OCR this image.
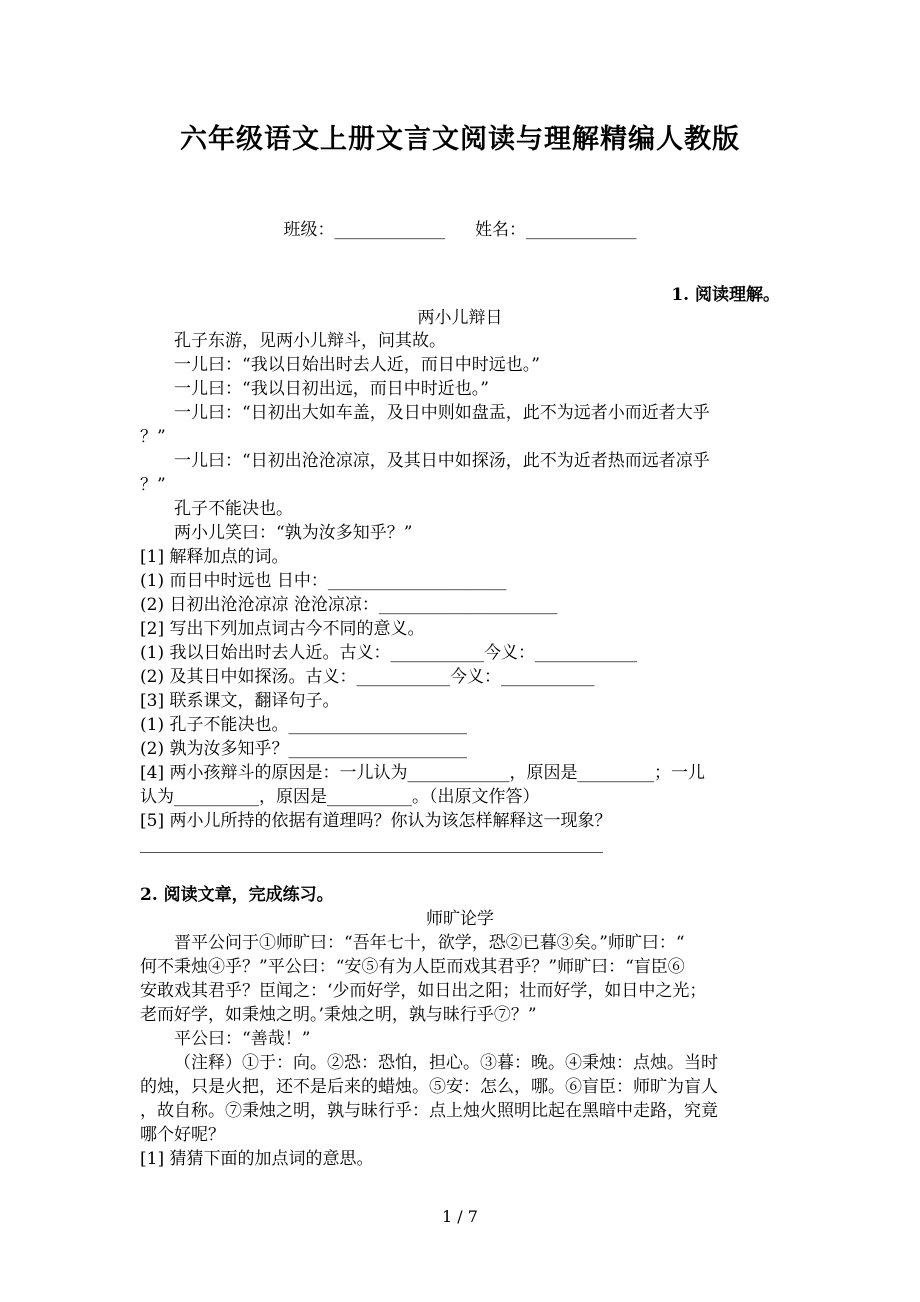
六年级语文上册文言文阅读与理解精编人教版
班级：_____________ 姓名：_____________
1. 阅读理解。
两小儿辩日
孔子东游，见两小儿辩斗，问其故。
一儿曰：“我以日始出时去人近，而日中时远也。”
一儿曰：“我以日初出远，而日中时近也。”
一儿曰：“日初出大如车盖，及日中则如盘盂，此不为远者小而近者大乎
？”
一儿曰：“日初出沧沧凉凉，及其日中如探汤，此不为近者热而远者凉乎
？”
孔子不能决也。
两小儿笑曰：“孰为汝多知乎？”
[1] 解释加点的词。
(1) 而日中时远也 日中：_____________________
(2) 日初出沧沧凉凉 沧沧凉凉：_____________________
[2] 写出下列加点词古今不同的意义。
(1) 我以日始出时去人近。古义：___________今义：____________
(2) 及其日中如探汤。古义：___________今义：___________
[3] 联系课文，翻译句子。
(1) 孔子不能决也。_____________________
(2) 孰为汝多知乎？_____________________
[4] 两小孩辩斗的原因是：一儿认为____________，原因是_________；一儿
认为__________，原因是__________。（出原文作答）
[5] 两小儿所持的依据有道理吗？你认为该怎样解释这一现象？
2. 阅读文章，完成练习。
师旷论学
晋平公问于①师旷曰：“吾年七十，欲学，恐②已暮③矣。”师旷曰：“
何不秉烛④乎？”平公曰：“安⑤有为人臣而戏其君乎？”师旷曰：“盲臣⑥
安敢戏其君乎？臣闻之：‘少而好学，如日出之阳；壮而好学，如日中之光；
老而好学，如秉烛之明。’秉烛之明，孰与昧行乎⑦？”
平公曰：“善哉！”
（注释）①于：向。②恐：恐怕，担心。③暮：晚。④秉烛：点烛。当时
的烛，只是火把，还不是后来的蜡烛。⑤安：怎么，哪。⑥盲臣：师旷为盲人
，故自称。⑦秉烛之明，孰与昧行乎：点上烛火照明比起在黑暗中走路，究竟
哪个好呢？
[1] 猜猜下面的加点词的意思。
1 / 7
